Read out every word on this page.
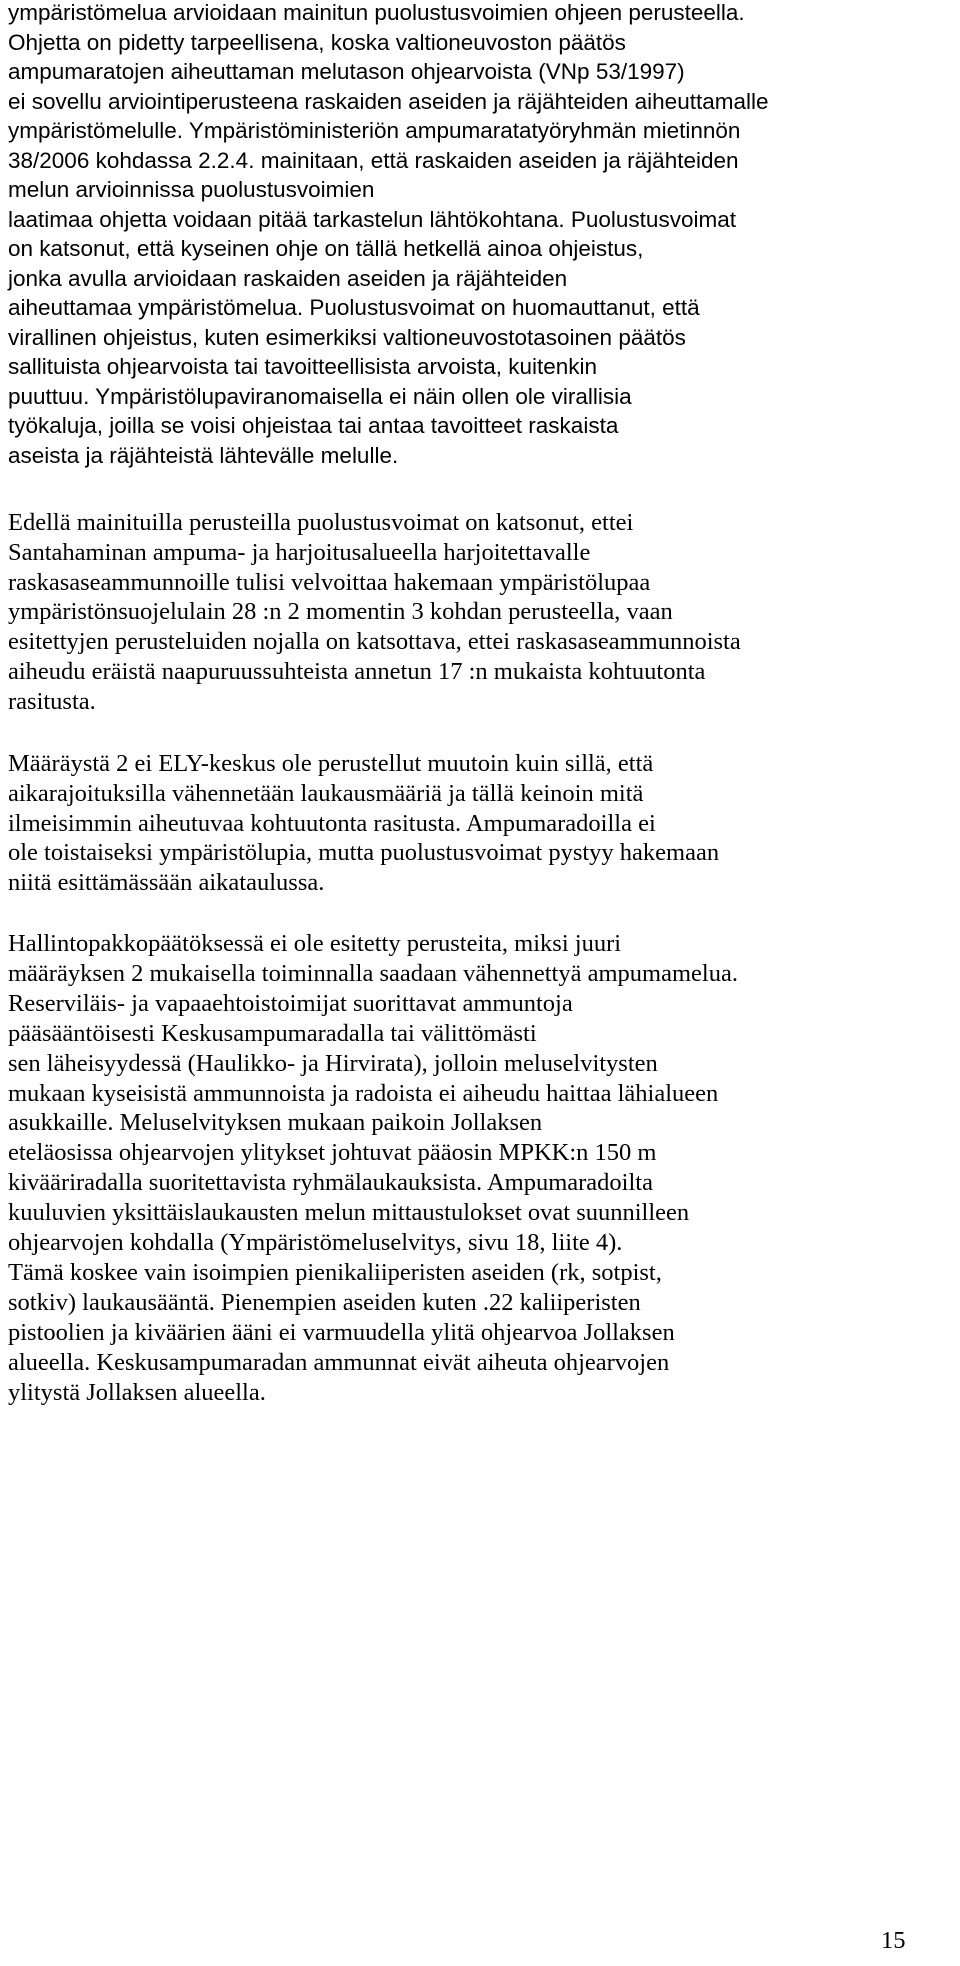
ympäristömelua arvioidaan mainitun puolustusvoimien ohjeen perusteella.
Ohjetta on pidetty tarpeellisena, koska valtioneuvoston päätös
ampumaratojen aiheuttaman melutason ohjearvoista (VNp 53/1997)
ei sovellu arviointiperusteena raskaiden aseiden ja räjähteiden aiheuttamalle
ympäristömelulle. Ympäristöministeriön ampumaratatyöryhmän mietinnön
38/2006 kohdassa 2.2.4. mainitaan, että raskaiden aseiden ja räjähteiden
melun arvioinnissa puolustusvoimien
laatimaa ohjetta voidaan pitää tarkastelun lähtökohtana. Puolustusvoimat
on katsonut, että kyseinen ohje on tällä hetkellä ainoa ohjeistus,
jonka avulla arvioidaan raskaiden aseiden ja räjähteiden
aiheuttamaa ympäristömelua. Puolustusvoimat on huomauttanut, että
virallinen ohjeistus, kuten esimerkiksi valtioneuvostotasoinen päätös
sallituista ohjearvoista tai tavoitteellisista arvoista, kuitenkin
puuttuu. Ympäristölupaviranomaisella ei näin ollen ole virallisia
työkaluja, joilla se voisi ohjeistaa tai antaa tavoitteet raskaista
aseista ja räjähteistä lähtevälle melulle.
Edellä mainituilla perusteilla puolustusvoimat on katsonut, ettei
Santahaminan ampuma- ja harjoitusalueella harjoitettavalle
raskasaseammunnoille tulisi velvoittaa hakemaan ympäristölupaa
ympäristönsuojelulain 28 :n 2 momentin 3 kohdan perusteella, vaan
esitettyjen perusteluiden nojalla on katsottava, ettei raskasaseammunnoista
aiheudu eräistä naapuruussuhteista annetun 17 :n mukaista kohtuutonta
rasitusta.
Määräystä 2 ei ELY-keskus ole perustellut muutoin kuin sillä, että
aikarajoituksilla vähennetään laukausmääriä ja tällä keinoin mitä
ilmeisimmin aiheutuvaa kohtuutonta rasitusta. Ampumaradoilla ei
ole toistaiseksi ympäristölupia, mutta puolustusvoimat pystyy hakemaan
niitä esittämässään aikataulussa.
Hallintopakkopäätöksessä ei ole esitetty perusteita, miksi juuri
määräyksen 2 mukaisella toiminnalla saadaan vähennettyä ampumamelua.
Reserviläis- ja vapaaehtoistoimijat suorittavat ammuntoja
pääsääntöisesti Keskusampumaradalla tai välittömästi
sen läheisyydessä (Haulikko- ja Hirvirata), jolloin meluselvitysten
mukaan kyseisistä ammunnoista ja radoista ei aiheudu haittaa lähialueen
asukkaille. Meluselvityksen mukaan paikoin Jollaksen
eteläosissa ohjearvojen ylitykset johtuvat pääosin MPKK:n 150 m
kivääriradalla suoritettavista ryhmälaukauksista. Ampumaradoilta
kuuluvien yksittäislaukausten melun mittaustulokset ovat suunnilleen
ohjearvojen kohdalla (Ympäristömeluselvitys, sivu 18, liite 4).
Tämä koskee vain isoimpien pienikaliiperisten aseiden (rk, sotpist,
sotkiv) laukausääntä. Pienempien aseiden kuten .22 kaliiperisten
pistoolien ja kiväärien ääni ei varmuudella ylitä ohjearvoa Jollaksen
alueella. Keskusampumaradan ammunnat eivät aiheuta ohjearvojen
ylitystä Jollaksen alueella.
15
